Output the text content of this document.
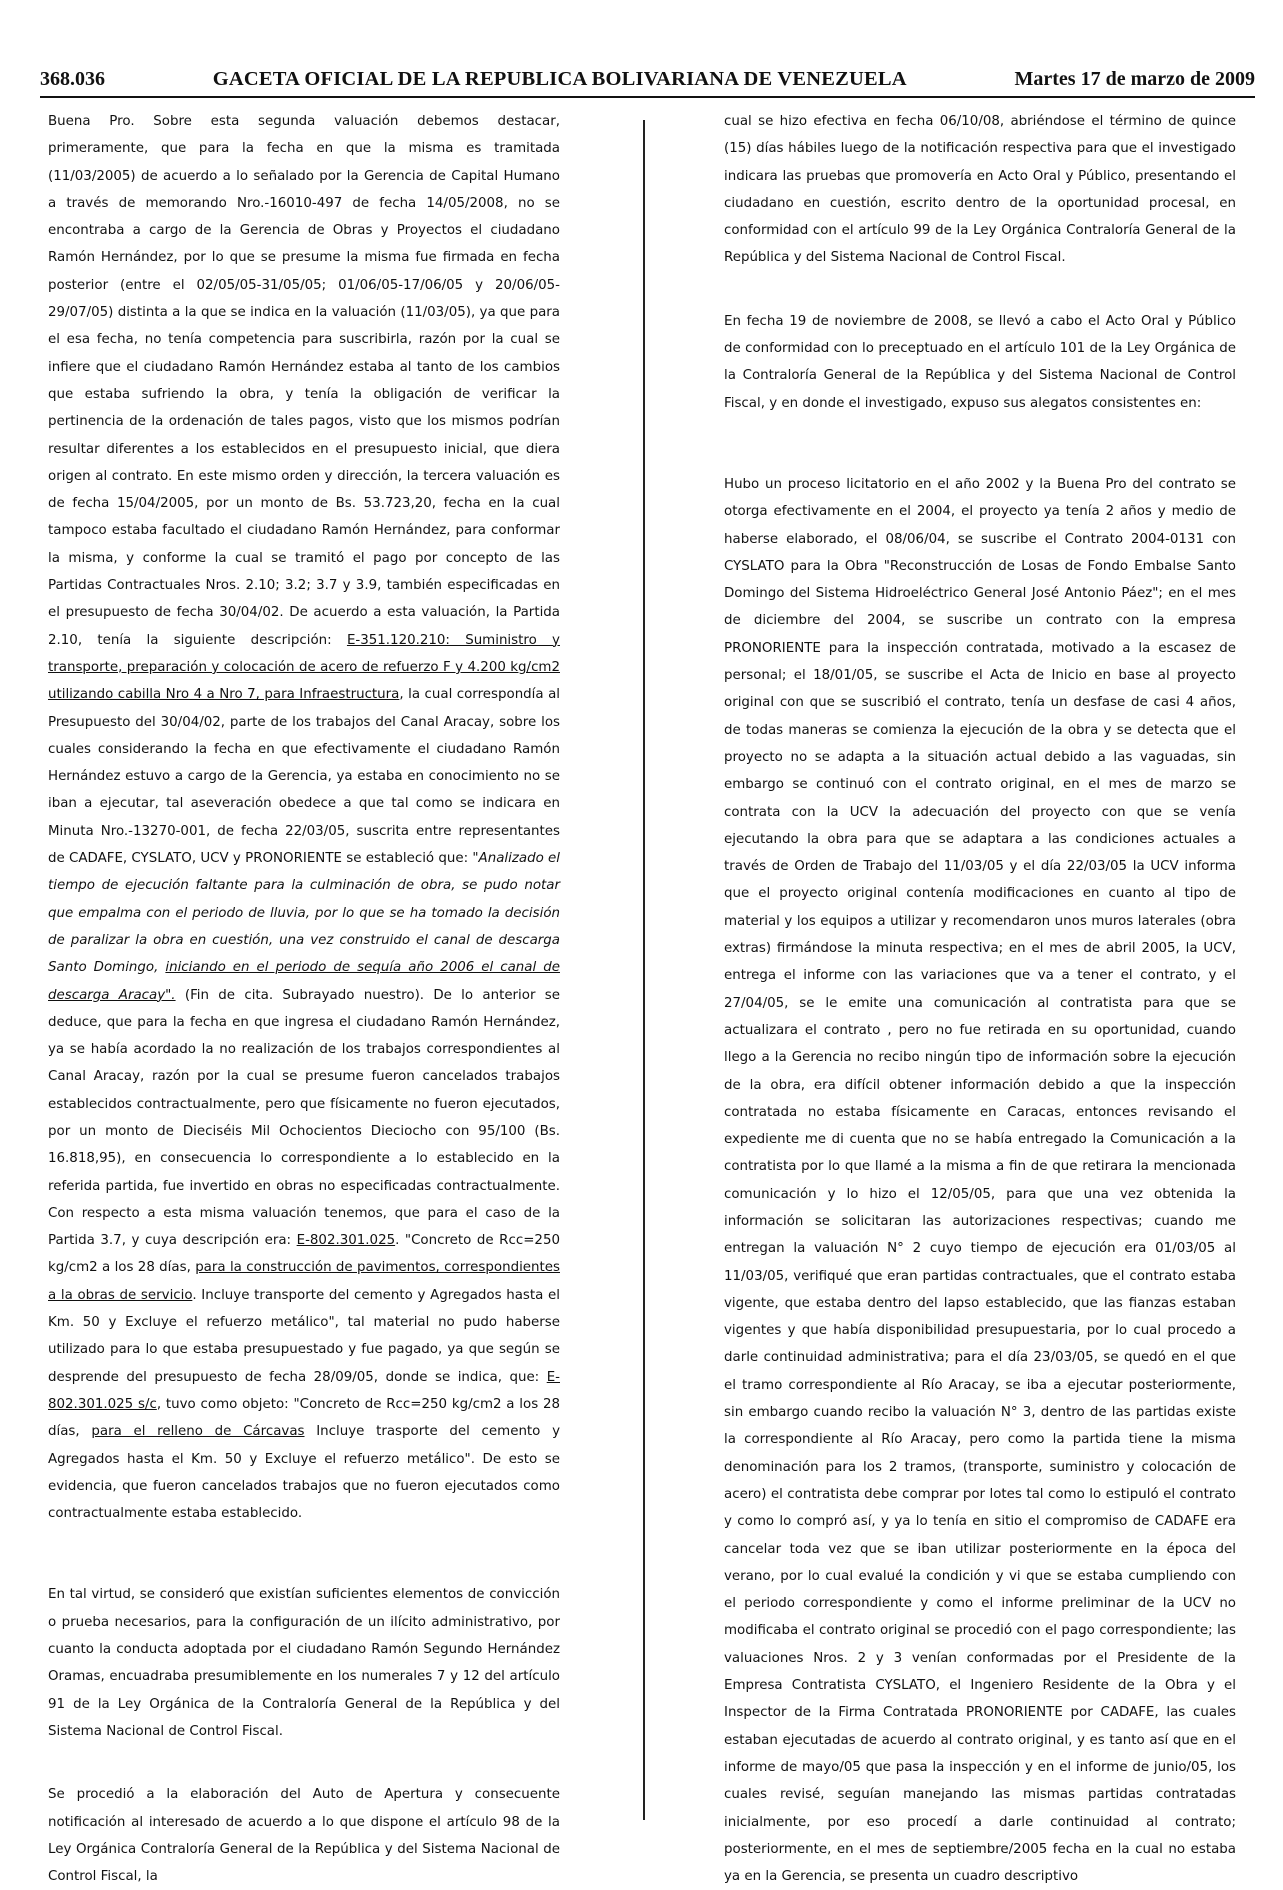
368.036	GACETA OFICIAL DE LA REPUBLICA BOLIVARIANA DE VENEZUELA	Martes 17 de marzo de 2009

Buena Pro. Sobre esta segunda valuación debemos destacar, primeramente, que para la fecha en que la misma es tramitada (11/03/2005) de acuerdo a lo señalado por la Gerencia de Capital Humano a través de memorando Nro.-16010-497 de fecha 14/05/2008, no se encontraba a cargo de la Gerencia de Obras y Proyectos el ciudadano Ramón Hernández, por lo que se presume la misma fue firmada en fecha posterior (entre el 02/05/05-31/05/05; 01/06/05-17/06/05 y 20/06/05-29/07/05) distinta a la que se indica en la valuación (11/03/05), ya que para el esa fecha, no tenía competencia para suscribirla, razón por la cual se infiere que el ciudadano Ramón Hernández estaba al tanto de los cambios que estaba sufriendo la obra, y tenía la obligación de verificar la pertinencia de la ordenación de tales pagos, visto que los mismos podrían resultar diferentes a los establecidos en el presupuesto inicial, que diera origen al contrato. En este mismo orden y dirección, la tercera valuación es de fecha 15/04/2005, por un monto de Bs. 53.723,20, fecha en la cual tampoco estaba facultado el ciudadano Ramón Hernández, para conformar la misma, y conforme la cual se tramitó el pago por concepto de las Partidas Contractuales Nros. 2.10; 3.2; 3.7 y 3.9, también especificadas en el presupuesto de fecha 30/04/02. De acuerdo a esta valuación, la Partida 2.10, tenía la siguiente descripción: E-351.120.210: Suministro y transporte, preparación y colocación de acero de refuerzo F y 4.200 kg/cm2 utilizando cabilla Nro 4 a Nro 7, para Infraestructura, la cual correspondía al Presupuesto del 30/04/02, parte de los trabajos del Canal Aracay, sobre los cuales considerando la fecha en que efectivamente el ciudadano Ramón Hernández estuvo a cargo de la Gerencia, ya estaba en conocimiento no se iban a ejecutar, tal aseveración obedece a que tal como se indicara en Minuta Nro.-13270-001, de fecha 22/03/05, suscrita entre representantes de CADAFE, CYSLATO, UCV y PRONORIENTE se estableció que: "Analizado el tiempo de ejecución faltante para la culminación de obra, se pudo notar que empalma con el periodo de lluvia, por lo que se ha tomado la decisión de paralizar la obra en cuestión, una vez construido el canal de descarga Santo Domingo, iniciando en el periodo de sequía año 2006 el canal de descarga Aracay". (Fin de cita. Subrayado nuestro). De lo anterior se deduce, que para la fecha en que ingresa el ciudadano Ramón Hernández, ya se había acordado la no realización de los trabajos correspondientes al Canal Aracay, razón por la cual se presume fueron cancelados trabajos establecidos contractualmente, pero que físicamente no fueron ejecutados, por un monto de Dieciséis Mil Ochocientos Dieciocho con 95/100 (Bs. 16.818,95), en consecuencia lo correspondiente a lo establecido en la referida partida, fue invertido en obras no especificadas contractualmente. Con respecto a esta misma valuación tenemos, que para el caso de la Partida 3.7, y cuya descripción era: E-802.301.025. "Concreto de Rcc=250 kg/cm2 a los 28 días, para la construcción de pavimentos, correspondientes a la obras de servicio. Incluye transporte del cemento y Agregados hasta el Km. 50 y Excluye el refuerzo metálico", tal material no pudo haberse utilizado para lo que estaba presupuestado y fue pagado, ya que según se desprende del presupuesto de fecha 28/09/05, donde se indica, que: E-802.301.025 s/c, tuvo como objeto: "Concreto de Rcc=250 kg/cm2 a los 28 días, para el relleno de Cárcavas Incluye trasporte del cemento y Agregados hasta el Km. 50 y Excluye el refuerzo metálico". De esto se evidencia, que fueron cancelados trabajos que no fueron ejecutados como contractualmente estaba establecido.

En tal virtud, se consideró que existían suficientes elementos de convicción o prueba necesarios, para la configuración de un ilícito administrativo, por cuanto la conducta adoptada por el ciudadano Ramón Segundo Hernández Oramas, encuadraba presumiblemente en los numerales 7 y 12 del artículo 91 de la Ley Orgánica de la Contraloría General de la República y del Sistema Nacional de Control Fiscal.

Se procedió a la elaboración del Auto de Apertura y consecuente notificación al interesado de acuerdo a lo que dispone el artículo 98 de la Ley Orgánica Contraloría General de la República y del Sistema Nacional de Control Fiscal, la

cual se hizo efectiva en fecha 06/10/08, abriéndose el término de quince (15) días hábiles luego de la notificación respectiva para que el investigado indicara las pruebas que promovería en Acto Oral y Público, presentando el ciudadano en cuestión, escrito dentro de la oportunidad procesal, en conformidad con el artículo 99 de la Ley Orgánica Contraloría General de la República y del Sistema Nacional de Control Fiscal.

En fecha 19 de noviembre de 2008, se llevó a cabo el Acto Oral y Público de conformidad con lo preceptuado en el artículo 101 de la Ley Orgánica de la Contraloría General de la República y del Sistema Nacional de Control Fiscal, y en donde el investigado, expuso sus alegatos consistentes en:

Hubo un proceso licitatorio en el año 2002 y la Buena Pro del contrato se otorga efectivamente en el 2004, el proyecto ya tenía 2 años y medio de haberse elaborado, el 08/06/04, se suscribe el Contrato 2004-0131 con CYSLATO para la Obra "Reconstrucción de Losas de Fondo Embalse Santo Domingo del Sistema Hidroeléctrico General José Antonio Páez"; en el mes de diciembre del 2004, se suscribe un contrato con la empresa PRONORIENTE para la inspección contratada, motivado a la escasez de personal; el 18/01/05, se suscribe el Acta de Inicio en base al proyecto original con que se suscribió el contrato, tenía un desfase de casi 4 años, de todas maneras se comienza la ejecución de la obra y se detecta que el proyecto no se adapta a la situación actual debido a las vaguadas, sin embargo se continuó con el contrato original, en el mes de marzo se contrata con la UCV la adecuación del proyecto con que se venía ejecutando la obra para que se adaptara a las condiciones actuales a través de Orden de Trabajo del 11/03/05 y el día 22/03/05 la UCV informa que el proyecto original contenía modificaciones en cuanto al tipo de material y los equipos a utilizar y recomendaron unos muros laterales (obra extras) firmándose la minuta respectiva; en el mes de abril 2005, la UCV, entrega el informe con las variaciones que va a tener el contrato, y el 27/04/05, se le emite una comunicación al contratista para que se actualizara el contrato , pero no fue retirada en su oportunidad, cuando llego a la Gerencia no recibo ningún tipo de información sobre la ejecución de la obra, era difícil obtener información debido a que la inspección contratada no estaba físicamente en Caracas, entonces revisando el expediente me di cuenta que no se había entregado la Comunicación a la contratista por lo que llamé a la misma a fin de que retirara la mencionada comunicación y lo hizo el 12/05/05, para que una vez obtenida la información se solicitaran las autorizaciones respectivas; cuando me entregan la valuación N° 2 cuyo tiempo de ejecución era 01/03/05 al 11/03/05, verifiqué que eran partidas contractuales, que el contrato estaba vigente, que estaba dentro del lapso establecido, que las fianzas estaban vigentes y que había disponibilidad presupuestaria, por lo cual procedo a darle continuidad administrativa; para el día 23/03/05, se quedó en el que el tramo correspondiente al Río Aracay, se iba a ejecutar posteriormente, sin embargo cuando recibo la valuación N° 3, dentro de las partidas existe la correspondiente al Río Aracay, pero como la partida tiene la misma denominación para los 2 tramos, (transporte, suministro y colocación de acero) el contratista debe comprar por lotes tal como lo estipuló el contrato y como lo compró así, y ya lo tenía en sitio el compromiso de CADAFE era cancelar toda vez que se iban utilizar posteriormente en la época del verano, por lo cual evalué la condición y vi que se estaba cumpliendo con el periodo correspondiente y como el informe preliminar de la UCV no modificaba el contrato original se procedió con el pago correspondiente; las valuaciones Nros. 2 y 3 venían conformadas por el Presidente de la Empresa Contratista CYSLATO, el Ingeniero Residente de la Obra y el Inspector de la Firma Contratada PRONORIENTE por CADAFE, las cuales estaban ejecutadas de acuerdo al contrato original, y es tanto así que en el informe de mayo/05 que pasa la inspección y en el informe de junio/05, los cuales revisé, seguían manejando las mismas partidas contratadas inicialmente, por eso procedí a darle continuidad al contrato; posteriormente, en el mes de septiembre/2005 fecha en la cual no estaba ya en la Gerencia, se presenta un cuadro descriptivo
